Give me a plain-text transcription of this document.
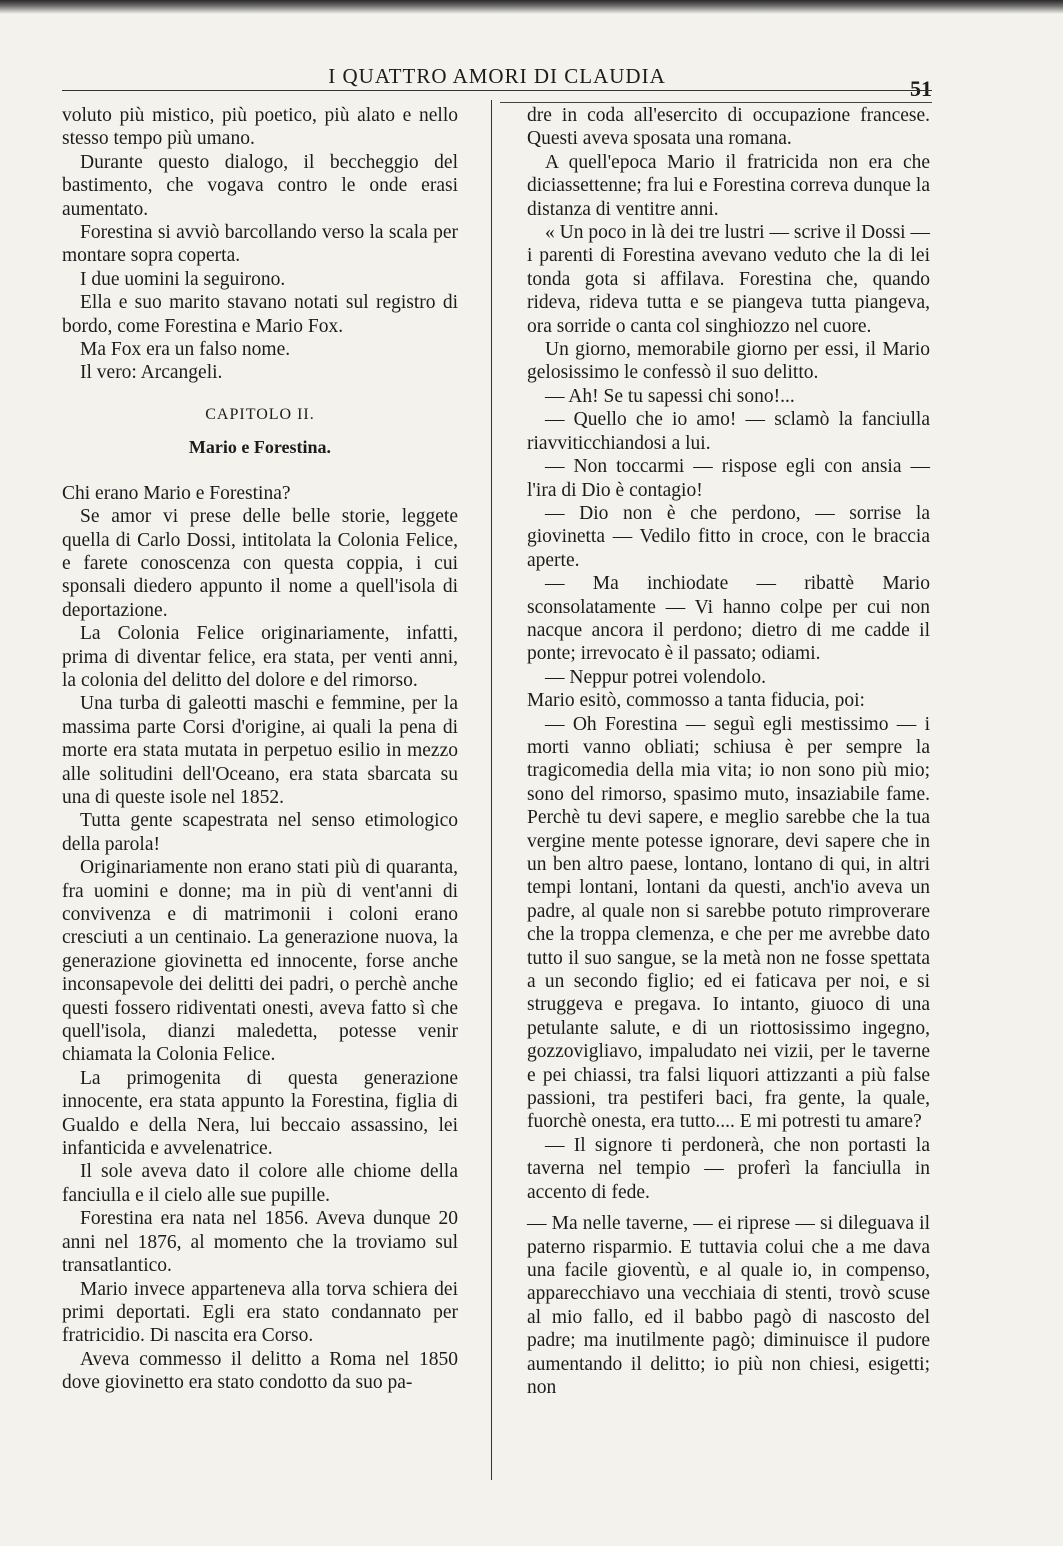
I QUATTRO AMORI DI CLAUDIA	51

voluto più mistico, più poetico, più alato e nello stesso tempo più umano.

Durante questo dialogo, il beccheggio del bastimento, che vogava contro le onde erasi aumentato.

Forestina si avviò barcollando verso la scala per montare sopra coperta.

I due uomini la seguirono.

Ella e suo marito stavano notati sul registro di bordo, come Forestina e Mario Fox.

Ma Fox era un falso nome.

Il vero: Arcangeli.

CAPITOLO II.
Mario e Forestina.

Chi erano Mario e Forestina?

Se amor vi prese delle belle storie, leggete quella di Carlo Dossi, intitolata la Colonia Felice, e farete conoscenza con questa coppia, i cui sponsali diedero appunto il nome a quell'isola di deportazione.

La Colonia Felice originariamente, infatti, prima di diventar felice, era stata, per venti anni, la colonia del delitto del dolore e del rimorso.

Una turba di galeotti maschi e femmine, per la massima parte Corsi d'origine, ai quali la pena di morte era stata mutata in perpetuo esilio in mezzo alle solitudini dell'Oceano, era stata sbarcata su una di queste isole nel 1852.

Tutta gente scapestrata nel senso etimologico della parola!

Originariamente non erano stati più di quaranta, fra uomini e donne; ma in più di vent'anni di convivenza e di matrimonii i coloni erano cresciuti a un centinaio. La generazione nuova, la generazione giovinetta ed innocente, forse anche inconsapevole dei delitti dei padri, o perchè anche questi fossero ridiventati onesti, aveva fatto sì che quell'isola, dianzi maledetta, potesse venir chiamata la Colonia Felice.

La primogenita di questa generazione innocente, era stata appunto la Forestina, figlia di Gualdo e della Nera, lui beccaio assassino, lei infanticida e avvelenatrice.

Il sole aveva dato il colore alle chiome della fanciulla e il cielo alle sue pupille.

Forestina era nata nel 1856. Aveva dunque 20 anni nel 1876, al momento che la troviamo sul transatlantico.

Mario invece apparteneva alla torva schiera dei primi deportati. Egli era stato condannato per fratricidio. Di nascita era Corso.

Aveva commesso il delitto a Roma nel 1850 dove giovinetto era stato condotto da suo pa-

dre in coda all'esercito di occupazione francese. Questi aveva sposata una romana.

A quell'epoca Mario il fratricida non era che diciassettenne; fra lui e Forestina correva dunque la distanza di ventitre anni.

« Un poco in là dei tre lustri — scrive il Dossi — i parenti di Forestina avevano veduto che la di lei tonda gota si affilava. Forestina che, quando rideva, rideva tutta e se piangeva tutta piangeva, ora sorride o canta col singhiozzo nel cuore.

Un giorno, memorabile giorno per essi, il Mario gelosissimo le confessò il suo delitto.

— Ah! Se tu sapessi chi sono!...

— Quello che io amo! — sclamò la fanciulla riavviticchiandosi a lui.

— Non toccarmi — rispose egli con ansia — l'ira di Dio è contagio!

— Dio non è che perdono, — sorrise la giovinetta — Vedilo fitto in croce, con le braccia aperte.

— Ma inchiodate — ribattè Mario sconsolatamente — Vi hanno colpe per cui non nacque ancora il perdono; dietro di me cadde il ponte; irrevocato è il passato; odiami.

— Neppur potrei volendolo.

Mario esitò, commosso a tanta fiducia, poi:

— Oh Forestina — seguì egli mestissimo — i morti vanno obliati; schiusa è per sempre la tragicomedia della mia vita; io non sono più mio; sono del rimorso, spasimo muto, insaziabile fame. Perchè tu devi sapere, e meglio sarebbe che la tua vergine mente potesse ignorare, devi sapere che in un ben altro paese, lontano, lontano di qui, in altri tempi lontani, lontani da questi, anch'io aveva un padre, al quale non si sarebbe potuto rimproverare che la troppa clemenza, e che per me avrebbe dato tutto il suo sangue, se la metà non ne fosse spettata a un secondo figlio; ed ei faticava per noi, e si struggeva e pregava. Io intanto, giuoco di una petulante salute, e di un riottosissimo ingegno, gozzovigliavo, impaludato nei vizii, per le taverne e pei chiassi, tra falsi liquori attizzanti a più false passioni, tra pestiferi baci, fra gente, la quale, fuorchè onesta, era tutto.... E mi potresti tu amare?

— Il signore ti perdonerà, che non portasti la taverna nel tempio — proferì la fanciulla in accento di fede.

— Ma nelle taverne, — ei riprese — si dileguava il paterno risparmio. E tuttavia colui che a me dava una facile gioventù, e al quale io, in compenso, apparecchiavo una vecchiaia di stenti, trovò scuse al mio fallo, ed il babbo pagò di nascosto del padre; ma inutilmente pagò; diminuisce il pudore aumentando il delitto; io più non chiesi, esigetti; non
